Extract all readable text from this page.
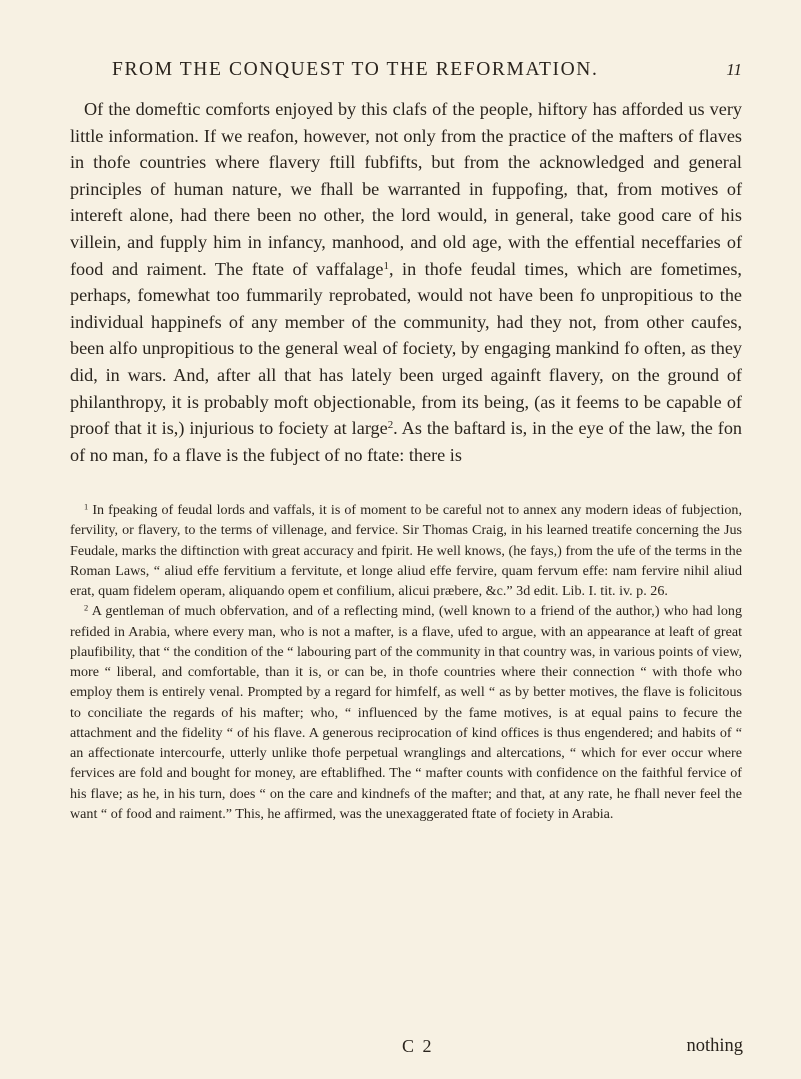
FROM THE CONQUEST TO THE REFORMATION.	11

Of the domeftic comforts enjoyed by this clafs of the people, hiftory has afforded us very little information. If we reafon, however, not only from the practice of the mafters of flaves in thofe countries where flavery ftill fubfifts, but from the acknowledged and general principles of human nature, we fhall be warranted in fuppofing, that, from motives of intereft alone, had there been no other, the lord would, in general, take good care of his villein, and fupply him in infancy, manhood, and old age, with the effential neceffaries of food and raiment. The ftate of vaffalage$^1$, in thofe feudal times, which are fometimes, perhaps, fomewhat too fummarily reprobated, would not have been fo unpropitious to the individual happinefs of any member of the community, had they not, from other caufes, been alfo unpropitious to the general weal of fociety, by engaging mankind fo often, as they did, in wars. And, after all that has lately been urged againft flavery, on the ground of philanthropy, it is probably moft objectionable, from its being, (as it feems to be capable of proof that it is,) injurious to fociety at large$^2$. As the baftard is, in the eye of the law, the fon of no man, fo a flave is the fubject of no ftate: there is

$^1$ In fpeaking of feudal lords and vaffals, it is of moment to be careful not to annex any modern ideas of fubjection, fervility, or flavery, to the terms of villenage, and fervice. Sir Thomas Craig, in his learned treatife concerning the Jus Feudale, marks the diftinction with great accuracy and fpirit. He well knows, (he fays,) from the ufe of the terms in the Roman Laws, “ aliud effe fervitium a fervitute, et longe aliud effe fervire, quam fervum effe: nam fervire nihil aliud erat, quam fidelem operam, aliquando opem et confilium, alicui præbere, &c.” 3d edit. Lib. I. tit. iv. p. 26.

$^2$ A gentleman of much obfervation, and of a reflecting mind, (well known to a friend of the author,) who had long refided in Arabia, where every man, who is not a mafter, is a flave, ufed to argue, with an appearance at leaft of great plaufibility, that “ the condition of the “ labouring part of the community in that country was, in various points of view, more “ liberal, and comfortable, than it is, or can be, in thofe countries where their connection “ with thofe who employ them is entirely venal. Prompted by a regard for himfelf, as well “ as by better motives, the flave is folicitous to conciliate the regards of his mafter; who, “ influenced by the fame motives, is at equal pains to fecure the attachment and the fidelity “ of his flave. A generous reciprocation of kind offices is thus engendered; and habits of “ an affectionate intercourfe, utterly unlike thofe perpetual wranglings and altercations, “ which for ever occur where fervices are fold and bought for money, are eftablifhed. The “ mafter counts with confidence on the faithful fervice of his flave; as he, in his turn, does “ on the care and kindnefs of the mafter; and that, at any rate, he fhall never feel the want “ of food and raiment.” This, he affirmed, was the unexaggerated ftate of fociety in Arabia.

C 2	nothing
